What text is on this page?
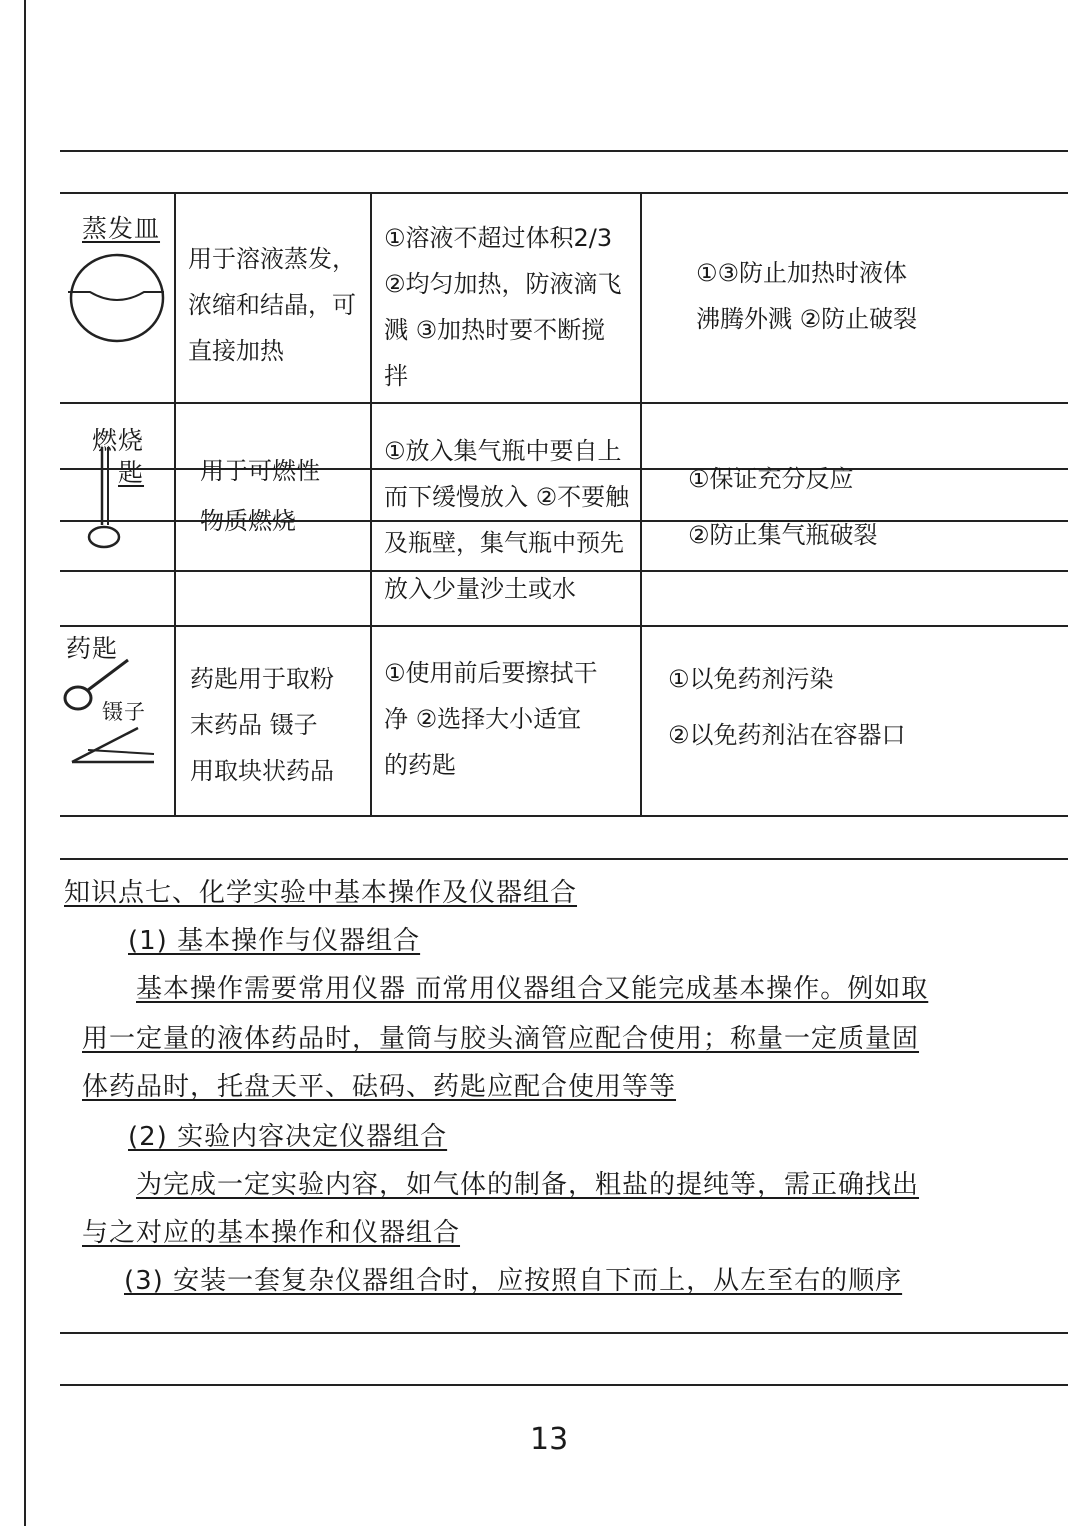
蒸发皿
用于溶液蒸发，
浓缩和结晶，可
直接加热
①溶液不超过体积2/3
②均匀加热，防液滴飞
溅 ③加热时要不断搅
拌
①③防止加热时液体
沸腾外溅 ②防止破裂
燃烧
匙 用于可燃性
物质燃烧
①放入集气瓶中要自上
而下缓慢放入 ②不要触
及瓶壁，集气瓶中预先
放入少量沙土或水
①保证充分反应
②防止集气瓶破裂
药匙
镊子
药匙用于取粉
末药品 镊子
用取块状药品
①使用前后要擦拭干
净 ②选择大小适宜
的药匙
①以免药剂污染
②以免药剂沾在容器口
知识点七、化学实验中基本操作及仪器组合
(1) 基本操作与仪器组合
基本操作需要常用仪器 而常用仪器组合又能完成基本操作。例如取
用一定量的液体药品时，量筒与胶头滴管应配合使用；称量一定质量固
体药品时，托盘天平、砝码、药匙应配合使用等等
(2) 实验内容决定仪器组合
为完成一定实验内容，如气体的制备，粗盐的提纯等，需正确找出
与之对应的基本操作和仪器组合
(3) 安装一套复杂仪器组合时，应按照自下而上，从左至右的顺序
13
